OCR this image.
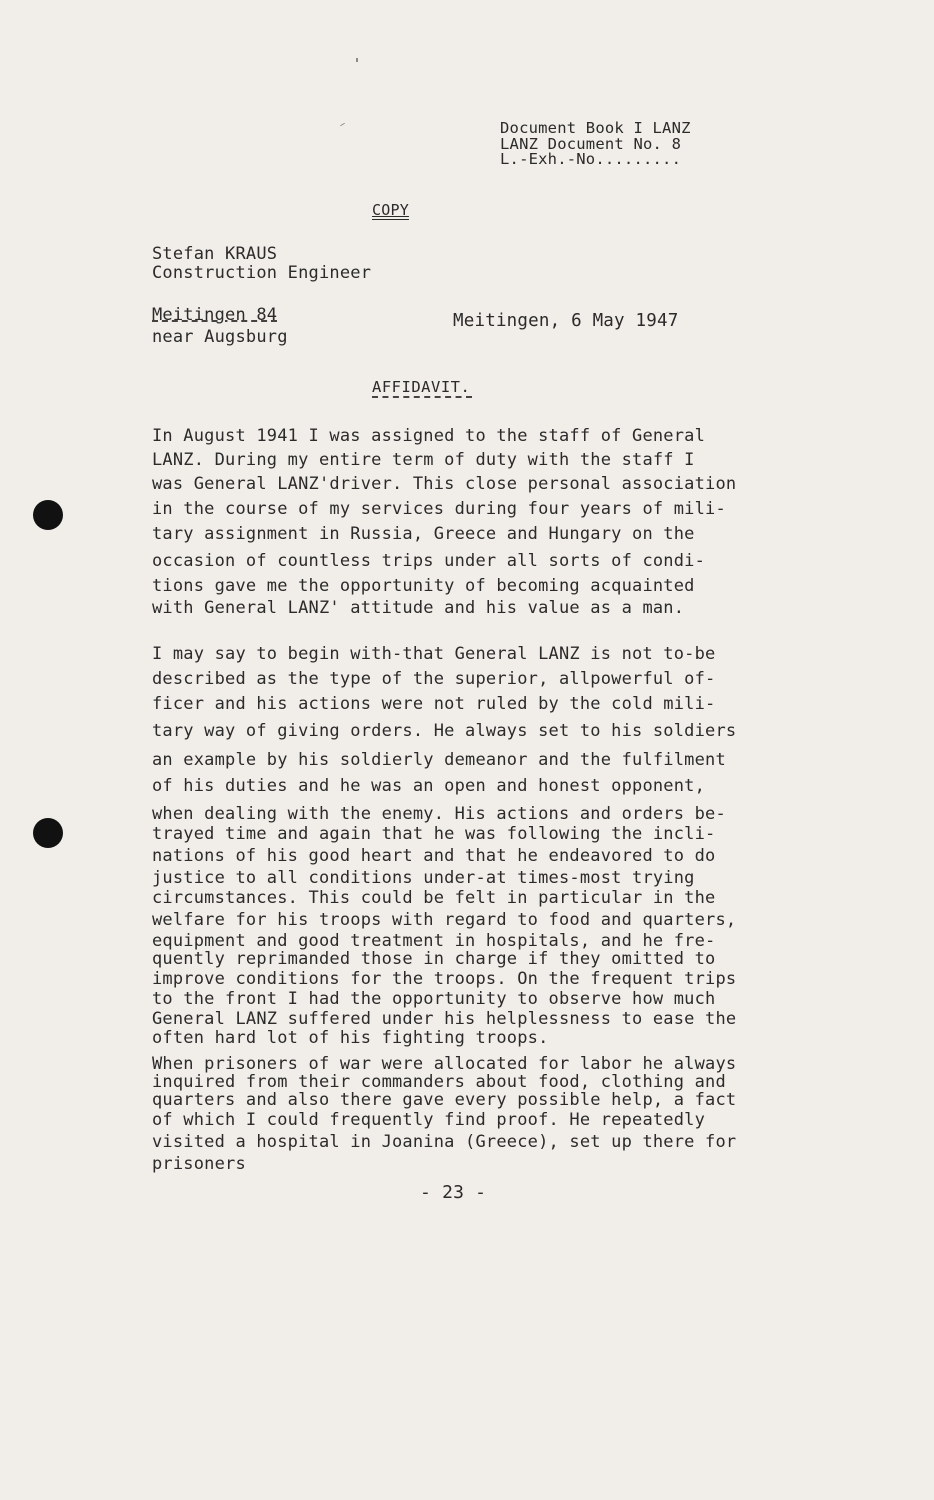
Document Book I LANZ
LANZ Document No. 8
L.-Exh.-No.........
COPY
Stefan KRAUS
Construction Engineer
Meitingen 84
near Augsburg
Meitingen, 6 May 1947
AFFIDAVIT.
In August 1941 I was assigned to the staff of General
LANZ. During my entire term of duty with the staff I
was General LANZ'driver. This close personal association
in the course of my services during four years of mili-
tary assignment in Russia, Greece and Hungary on the
occasion of countless trips under all sorts of condi-
tions gave me the opportunity of becoming acquainted
with General LANZ' attitude and his value as a man.
I may say to begin with-that General LANZ is not to-be
described as the type of the superior, allpowerful of-
ficer and his actions were not ruled by the cold mili-
tary way of giving orders. He always set to his soldiers
an example by his soldierly demeanor and the fulfilment
of his duties and he was an open and honest opponent,
when dealing with the enemy. His actions and orders be-
trayed time and again that he was following the incli-
nations of his good heart and that he endeavored to do
justice to all conditions under-at times-most trying
circumstances. This could be felt in particular in the
welfare for his troops with regard to food and quarters,
equipment and good treatment in hospitals, and he fre-
quently reprimanded those in charge if they omitted to
improve conditions for the troops. On the frequent trips
to the front I had the opportunity to observe how much
General LANZ suffered under his helplessness to ease the
often hard lot of his fighting troops.
When prisoners of war were allocated for labor he always
inquired from their commanders about food, clothing and
quarters and also there gave every possible help, a fact
of which I could frequently find proof. He repeatedly
visited a hospital in Joanina (Greece), set up there for
prisoners
- 23 -
